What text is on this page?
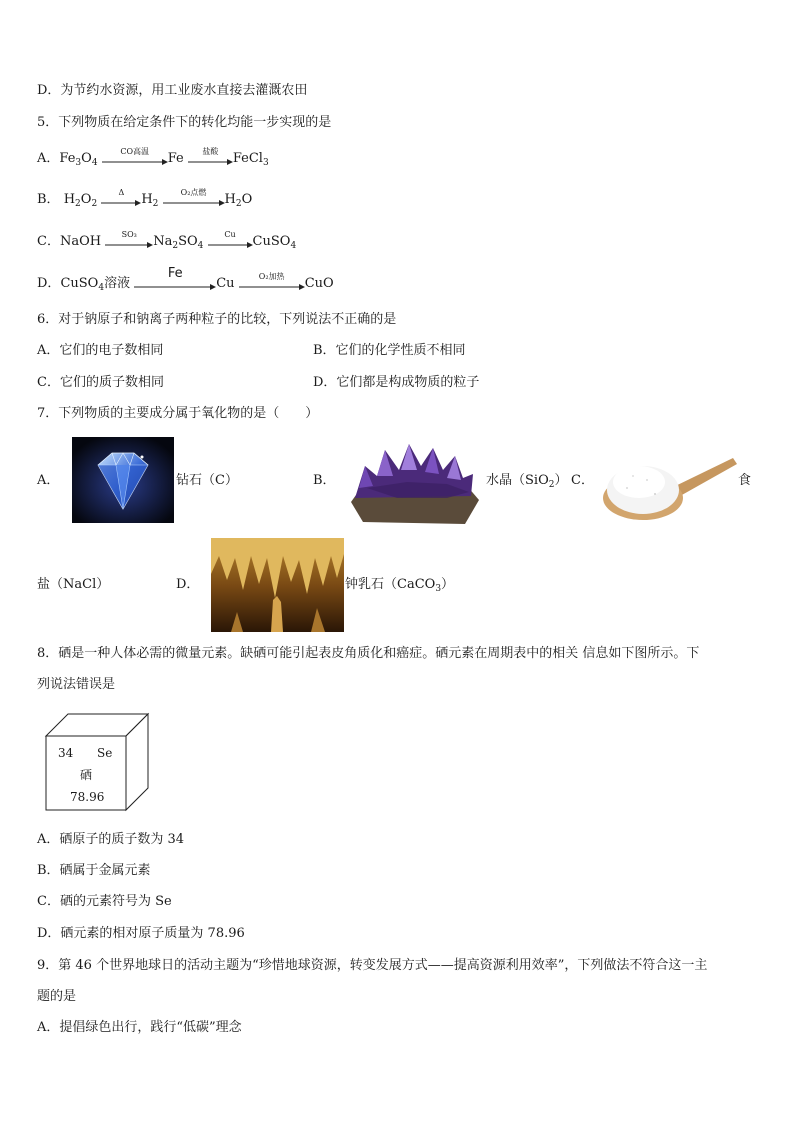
D．为节约水资源，用工业废水直接去灌溉农田
5．下列物质在给定条件下的转化均能一步实现的是
A．$Fe_3O_4$
CO高温	Fe	盐酸	FeCl$_3$
B． $H_2O_2$
Δ	$H_2$
O₂点燃	$H_2O$
C．NaOH	SO₃	$Na_2SO_4$
Cu	CuSO$_4$
D．CuSO$_4$溶液
Fe
Cu	O₂加热	CuO
6．对于钠原子和钠离子两种粒子的比较，下列说法不正确的是
A．它们的电子数相同	B．它们的化学性质不相同
C．它们的质子数相同	D．它们都是构成物质的粒子
7．下列物质的主要成分属于氧化物的是（　　）
A．	钻石（C）	B．	水晶（SiO$_2$） C．	食
盐（NaCl）	D．	钟乳石（CaCO$_3$）
8．硒是一种人体必需的微量元素。缺硒可能引起表皮角质化和癌症。硒元素在周期表中的相关 信息如下图所示。下
列说法错误是
34 Se
硒
78.96
A．硒原子的质子数为 34
B．硒属于金属元素
C．硒的元素符号为 Se
D．硒元素的相对原子质量为 78.96
9．第 46 个世界地球日的活动主题为“珍惜地球资源，转变发展方式——提高资源利用效率”，下列做法不符合这一主
题的是
A．提倡绿色出行，践行“低碳”理念
